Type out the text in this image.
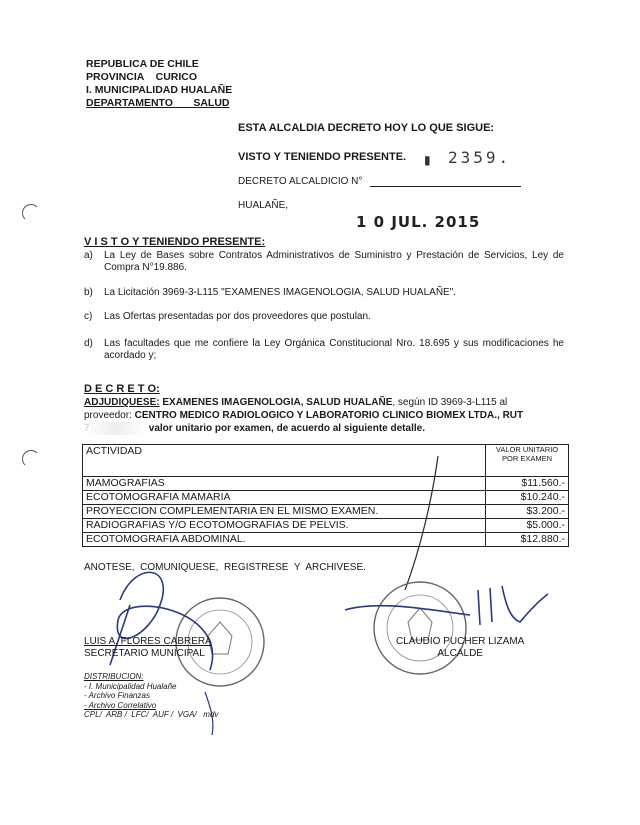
REPUBLICA DE CHILE
PROVINCIA    CURICO
I. MUNICIPALIDAD HUALAÑE
DEPARTAMENTO       SALUD
ESTA ALCALDIA DECRETO HOY LO QUE SIGUE:
VISTO Y TENIENDO PRESENTE.	2359.
▮
DECRETO ALCALDICIO N°
HUALAÑE,
1 0 JUL. 2015
V I S T O Y TENIENDO PRESENTE:
a) La Ley de Bases sobre Contratos Administrativos de Suministro y Prestación de Servicios, Ley de Compra N°19.886.
b) La Licitación 3969-3-L115 "EXAMENES IMAGENOLOGIA, SALUD HUALAÑE".
c) Las Ofertas presentadas por dos proveedores que postulan.
d) Las facultades que me confiere la Ley Orgánica Constitucional Nro. 18.695 y sus modificaciones he acordado y;
D E C R E T O:
ADJUDIQUESE: EXAMENES IMAGENOLOGIA, SALUD HUALAÑE, según ID 3969-3-L115 al
proveedor: CENTRO MEDICO RADIOLOGICO Y LABORATORIO CLINICO BIOMEX LTDA., RUT
7	valor unitario por examen, de acuerdo al siguiente detalle.
ACTIVIDAD	VALOR UNITARIO POR EXAMEN
MAMOGRAFIAS	$11.560.-
ECOTOMOGRAFIA MAMARIA	$10.240.-
PROYECCION COMPLEMENTARIA EN EL MISMO EXAMEN.	$3.200.-
RADIOGRAFIAS Y/O ECOTOMOGRAFIAS DE PELVIS.	$5.000.-
ECOTOMOGRAFIA ABDOMINAL.	$12.880.-
ANOTESE,  COMUNIQUESE,  REGISTRESE  Y  ARCHIVESE.
LUIS A. FLORES CABRERA
SECRETARIO MUNICIPAL
CLAUDIO PUCHER LIZAMA
ALCALDE
DISTRIBUCION:
- I. Municipalidad Hualañe
- Archivo Finanzas
- Archivo Correlativo
CPL/  ARB /  LFC/  AUF /  VGA/   mdv
